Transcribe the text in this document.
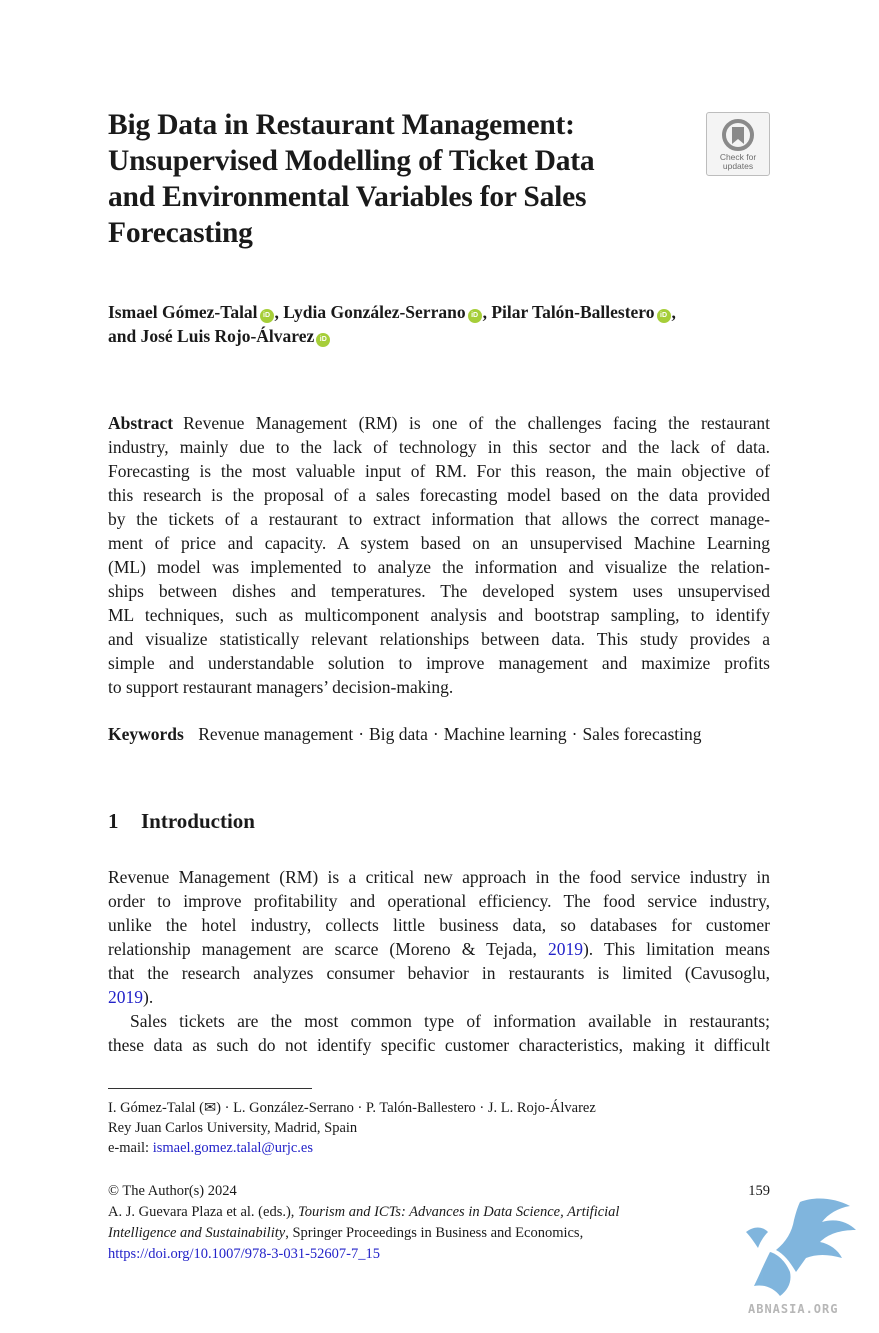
Big Data in Restaurant Management:
Unsupervised Modelling of Ticket Data
and Environmental Variables for Sales
Forecasting
Check for
updates
Ismael Gómez-Talal iD , Lydia González-Serrano iD , Pilar Talón-Ballestero iD ,
and José Luis Rojo-Álvarez iD
Abstract Revenue Management (RM) is one of the challenges facing the restaurant
industry, mainly due to the lack of technology in this sector and the lack of data.
Forecasting is the most valuable input of RM. For this reason, the main objective of
this research is the proposal of a sales forecasting model based on the data provided
by the tickets of a restaurant to extract information that allows the correct manage-
ment of price and capacity. A system based on an unsupervised Machine Learning
(ML) model was implemented to analyze the information and visualize the relation-
ships between dishes and temperatures. The developed system uses unsupervised
ML techniques, such as multicomponent analysis and bootstrap sampling, to identify
and visualize statistically relevant relationships between data. This study provides a
simple and understandable solution to improve management and maximize profits
to support restaurant managers’ decision-making.
Keywords Revenue management · Big data · Machine learning · Sales forecasting
1 Introduction
Revenue Management (RM) is a critical new approach in the food service industry in
order to improve profitability and operational efficiency. The food service industry,
unlike the hotel industry, collects little business data, so databases for customer
relationship management are scarce (Moreno & Tejada, 2019). This limitation means
that the research analyzes consumer behavior in restaurants is limited (Cavusoglu,
2019).
Sales tickets are the most common type of information available in restaurants;
these data as such do not identify specific customer characteristics, making it difficult
I. Gómez-Talal (✉) · L. González-Serrano · P. Talón-Ballestero · J. L. Rojo-Álvarez
Rey Juan Carlos University, Madrid, Spain
e-mail: ismael.gomez.talal@urjc.es
159
© The Author(s) 2024
A. J. Guevara Plaza et al. (eds.), Tourism and ICTs: Advances in Data Science, Artificial
Intelligence and Sustainability, Springer Proceedings in Business and Economics,
https://doi.org/10.1007/978-3-031-52607-7_15
ABNASIA.ORG
